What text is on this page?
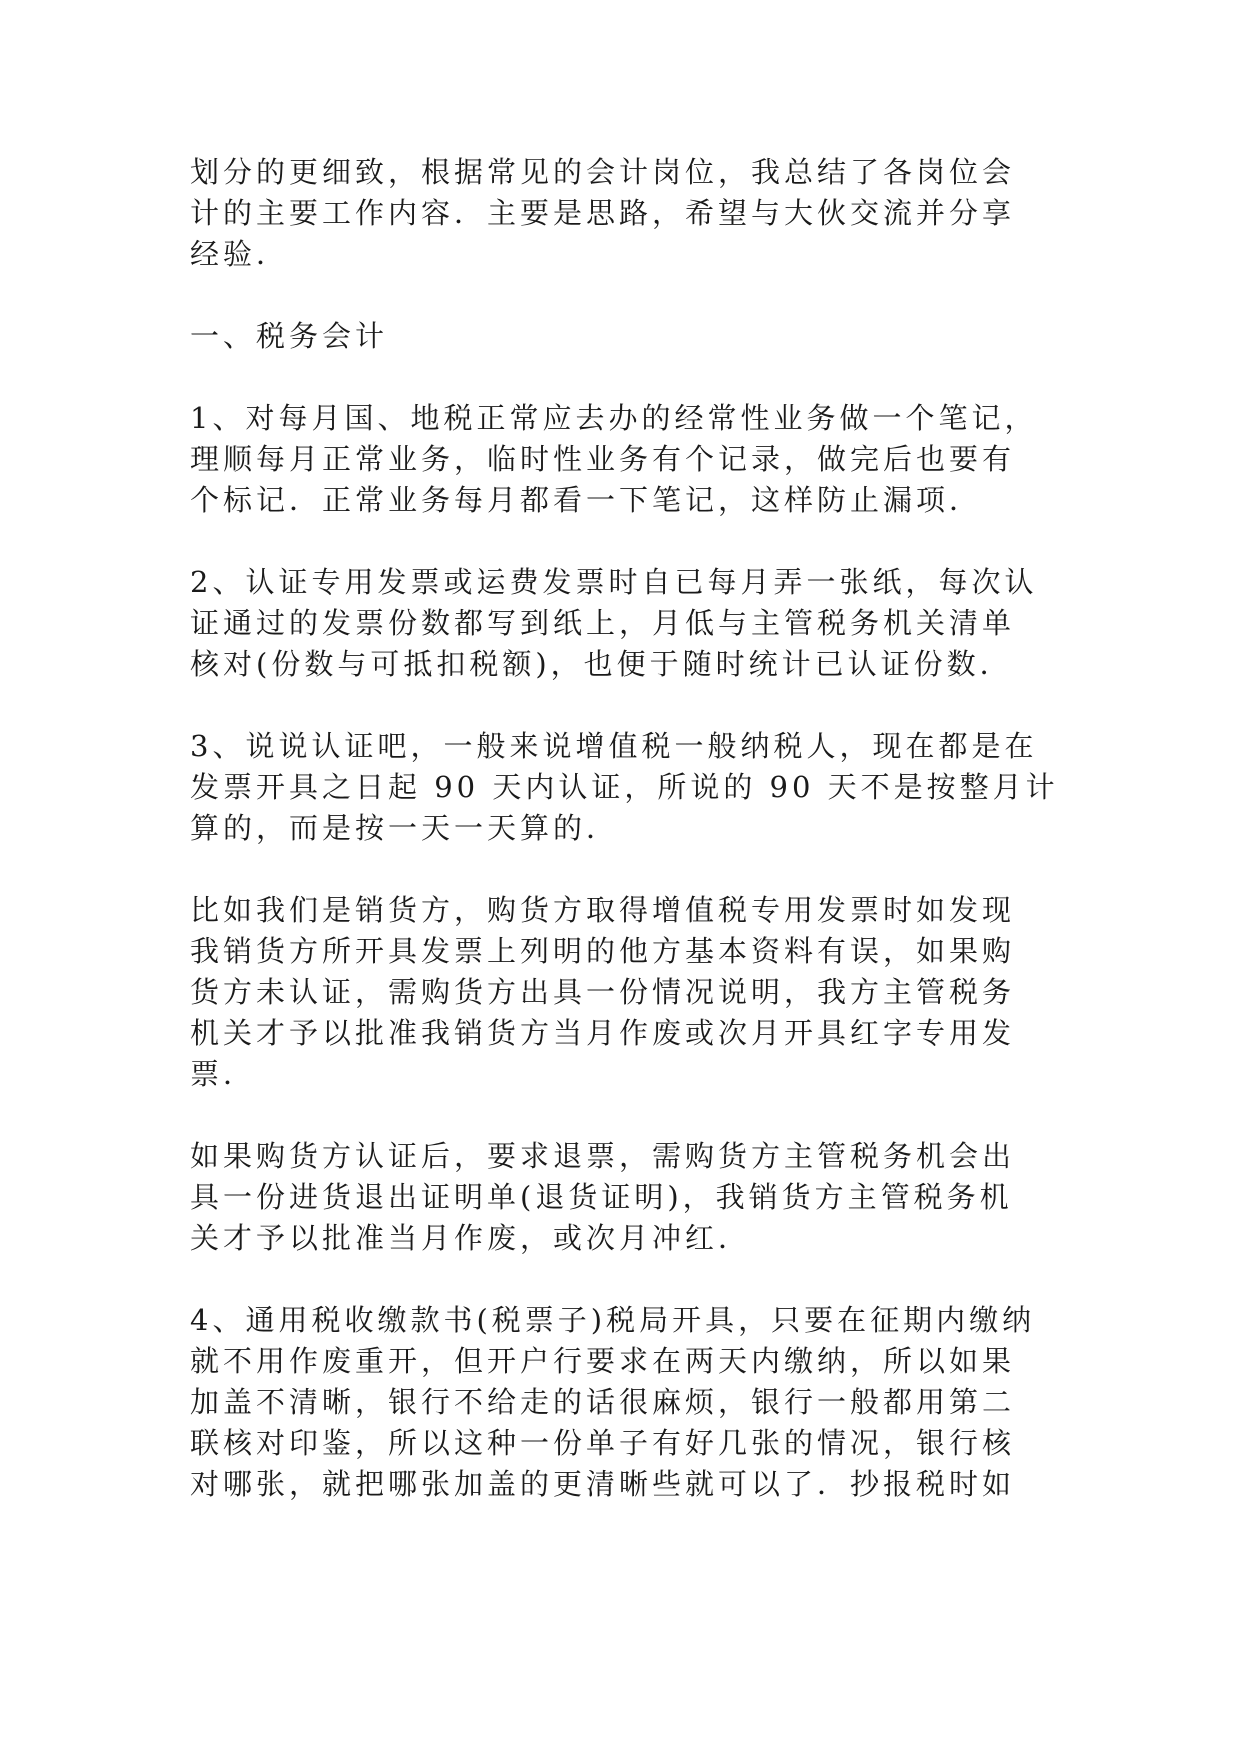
划分的更细致，根据常见的会计岗位，我总结了各岗位会
计的主要工作内容．主要是思路，希望与大伙交流并分享
经验．
一、税务会计
1、对每月国、地税正常应去办的经常性业务做一个笔记，
理顺每月正常业务，临时性业务有个记录，做完后也要有
个标记．正常业务每月都看一下笔记，这样防止漏项．
2、认证专用发票或运费发票时自已每月弄一张纸，每次认
证通过的发票份数都写到纸上，月低与主管税务机关清单
核对(份数与可抵扣税额)，也便于随时统计已认证份数．
3、说说认证吧，一般来说增值税一般纳税人，现在都是在
发票开具之日起 90 天内认证，所说的 90 天不是按整月计
算的，而是按一天一天算的．
比如我们是销货方，购货方取得增值税专用发票时如发现
我销货方所开具发票上列明的他方基本资料有误，如果购
货方未认证，需购货方出具一份情况说明，我方主管税务
机关才予以批准我销货方当月作废或次月开具红字专用发
票．
如果购货方认证后，要求退票，需购货方主管税务机会出
具一份进货退出证明单(退货证明)，我销货方主管税务机
关才予以批准当月作废，或次月冲红．
4、通用税收缴款书(税票子)税局开具，只要在征期内缴纳
就不用作废重开，但开户行要求在两天内缴纳，所以如果
加盖不清晰，银行不给走的话很麻烦，银行一般都用第二
联核对印鉴，所以这种一份单子有好几张的情况，银行核
对哪张，就把哪张加盖的更清晰些就可以了．抄报税时如
